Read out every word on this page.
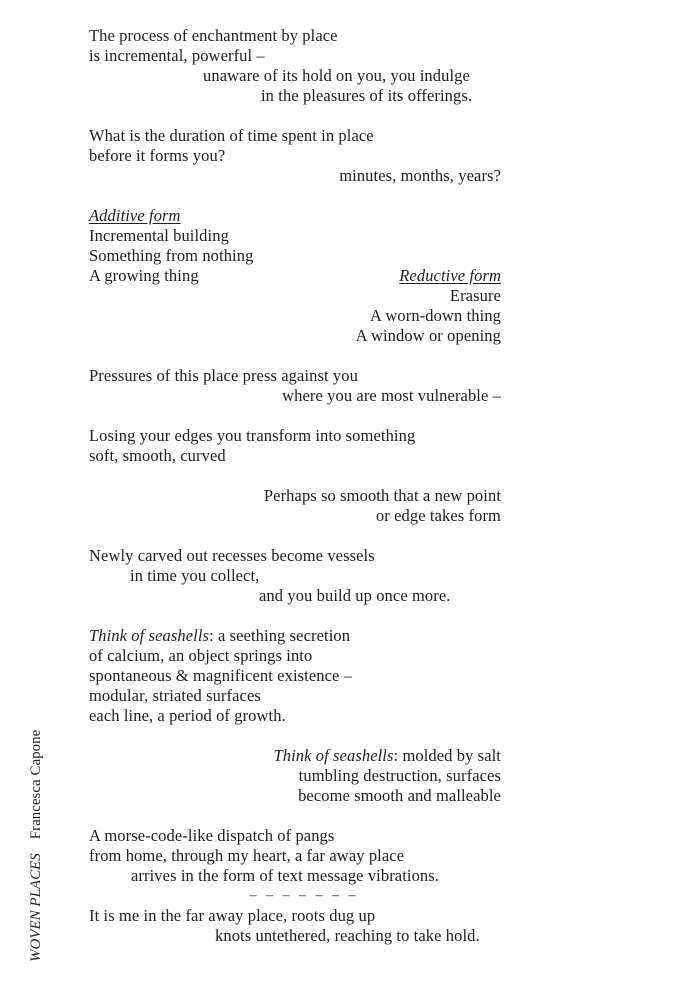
The process of enchantment by place
is incremental, powerful –
unaware of its hold on you, you indulge
in the pleasures of its offerings.
What is the duration of time spent in place
before it forms you?
minutes, months, years?
Additive form
Incremental building
Something from nothing
A growing thing	Reductive form
Erasure
A worn-down thing
A window or opening
Pressures of this place press against you
where you are most vulnerable –
Losing your edges you transform into something
soft, smooth, curved
Perhaps so smooth that a new point
or edge takes form
Newly carved out recesses become vessels
in time you collect,
and you build up once more.
Think of seashells: a seething secretion
of calcium, an object springs into
spontaneous & magnificent existence –
modular, striated surfaces
each line, a period of growth.
Think of seashells: molded by salt
tumbling destruction, surfaces
become smooth and malleable
A morse-code-like dispatch of pangs
from home, through my heart, a far away place
arrives in the form of text message vibrations.
– – – – – – –
It is me in the far away place, roots dug up
knots untethered, reaching to take hold.
WOVEN PLACESFrancesca Capone
